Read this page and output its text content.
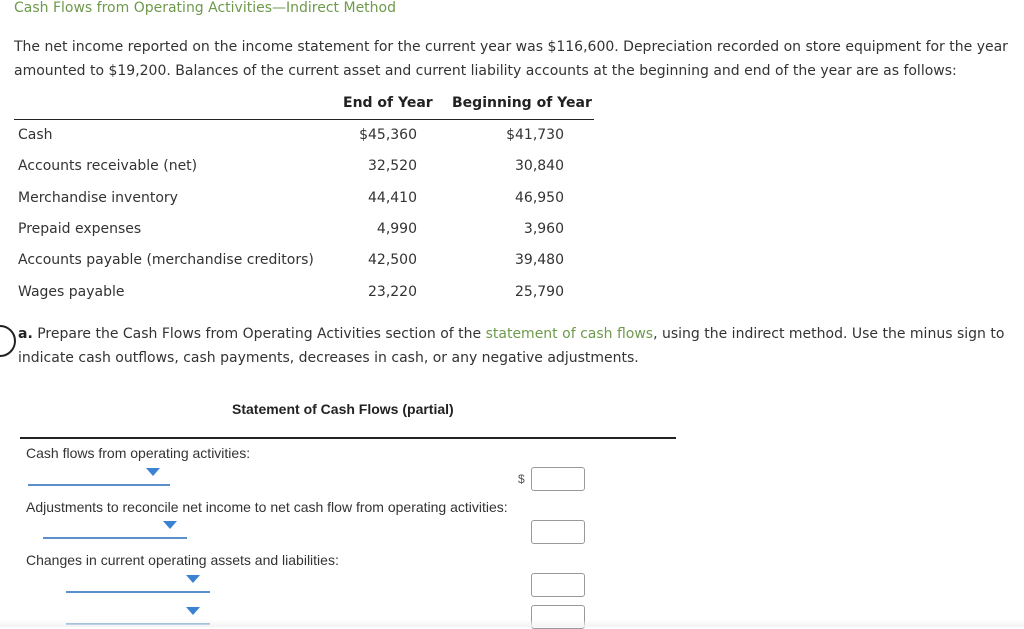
Cash Flows from Operating Activities—Indirect Method
The net income reported on the income statement for the current year was $116,600. Depreciation recorded on store equipment for the year amounted to $19,200. Balances of the current asset and current liability accounts at the beginning and end of the year are as follows:
End of Year Beginning of Year
Cash	$45,360	$41,730
Accounts receivable (net)	32,520	30,840
Merchandise inventory	44,410	46,950
Prepaid expenses	4,990	3,960
Accounts payable (merchandise creditors)	42,500	39,480
Wages payable	23,220	25,790
a. Prepare the Cash Flows from Operating Activities section of the statement of cash flows, using the indirect method. Use the minus sign to indicate cash outflows, cash payments, decreases in cash, or any negative adjustments.
Statement of Cash Flows (partial)
Cash flows from operating activities:
$
Adjustments to reconcile net income to net cash flow from operating activities:
Changes in current operating assets and liabilities:
